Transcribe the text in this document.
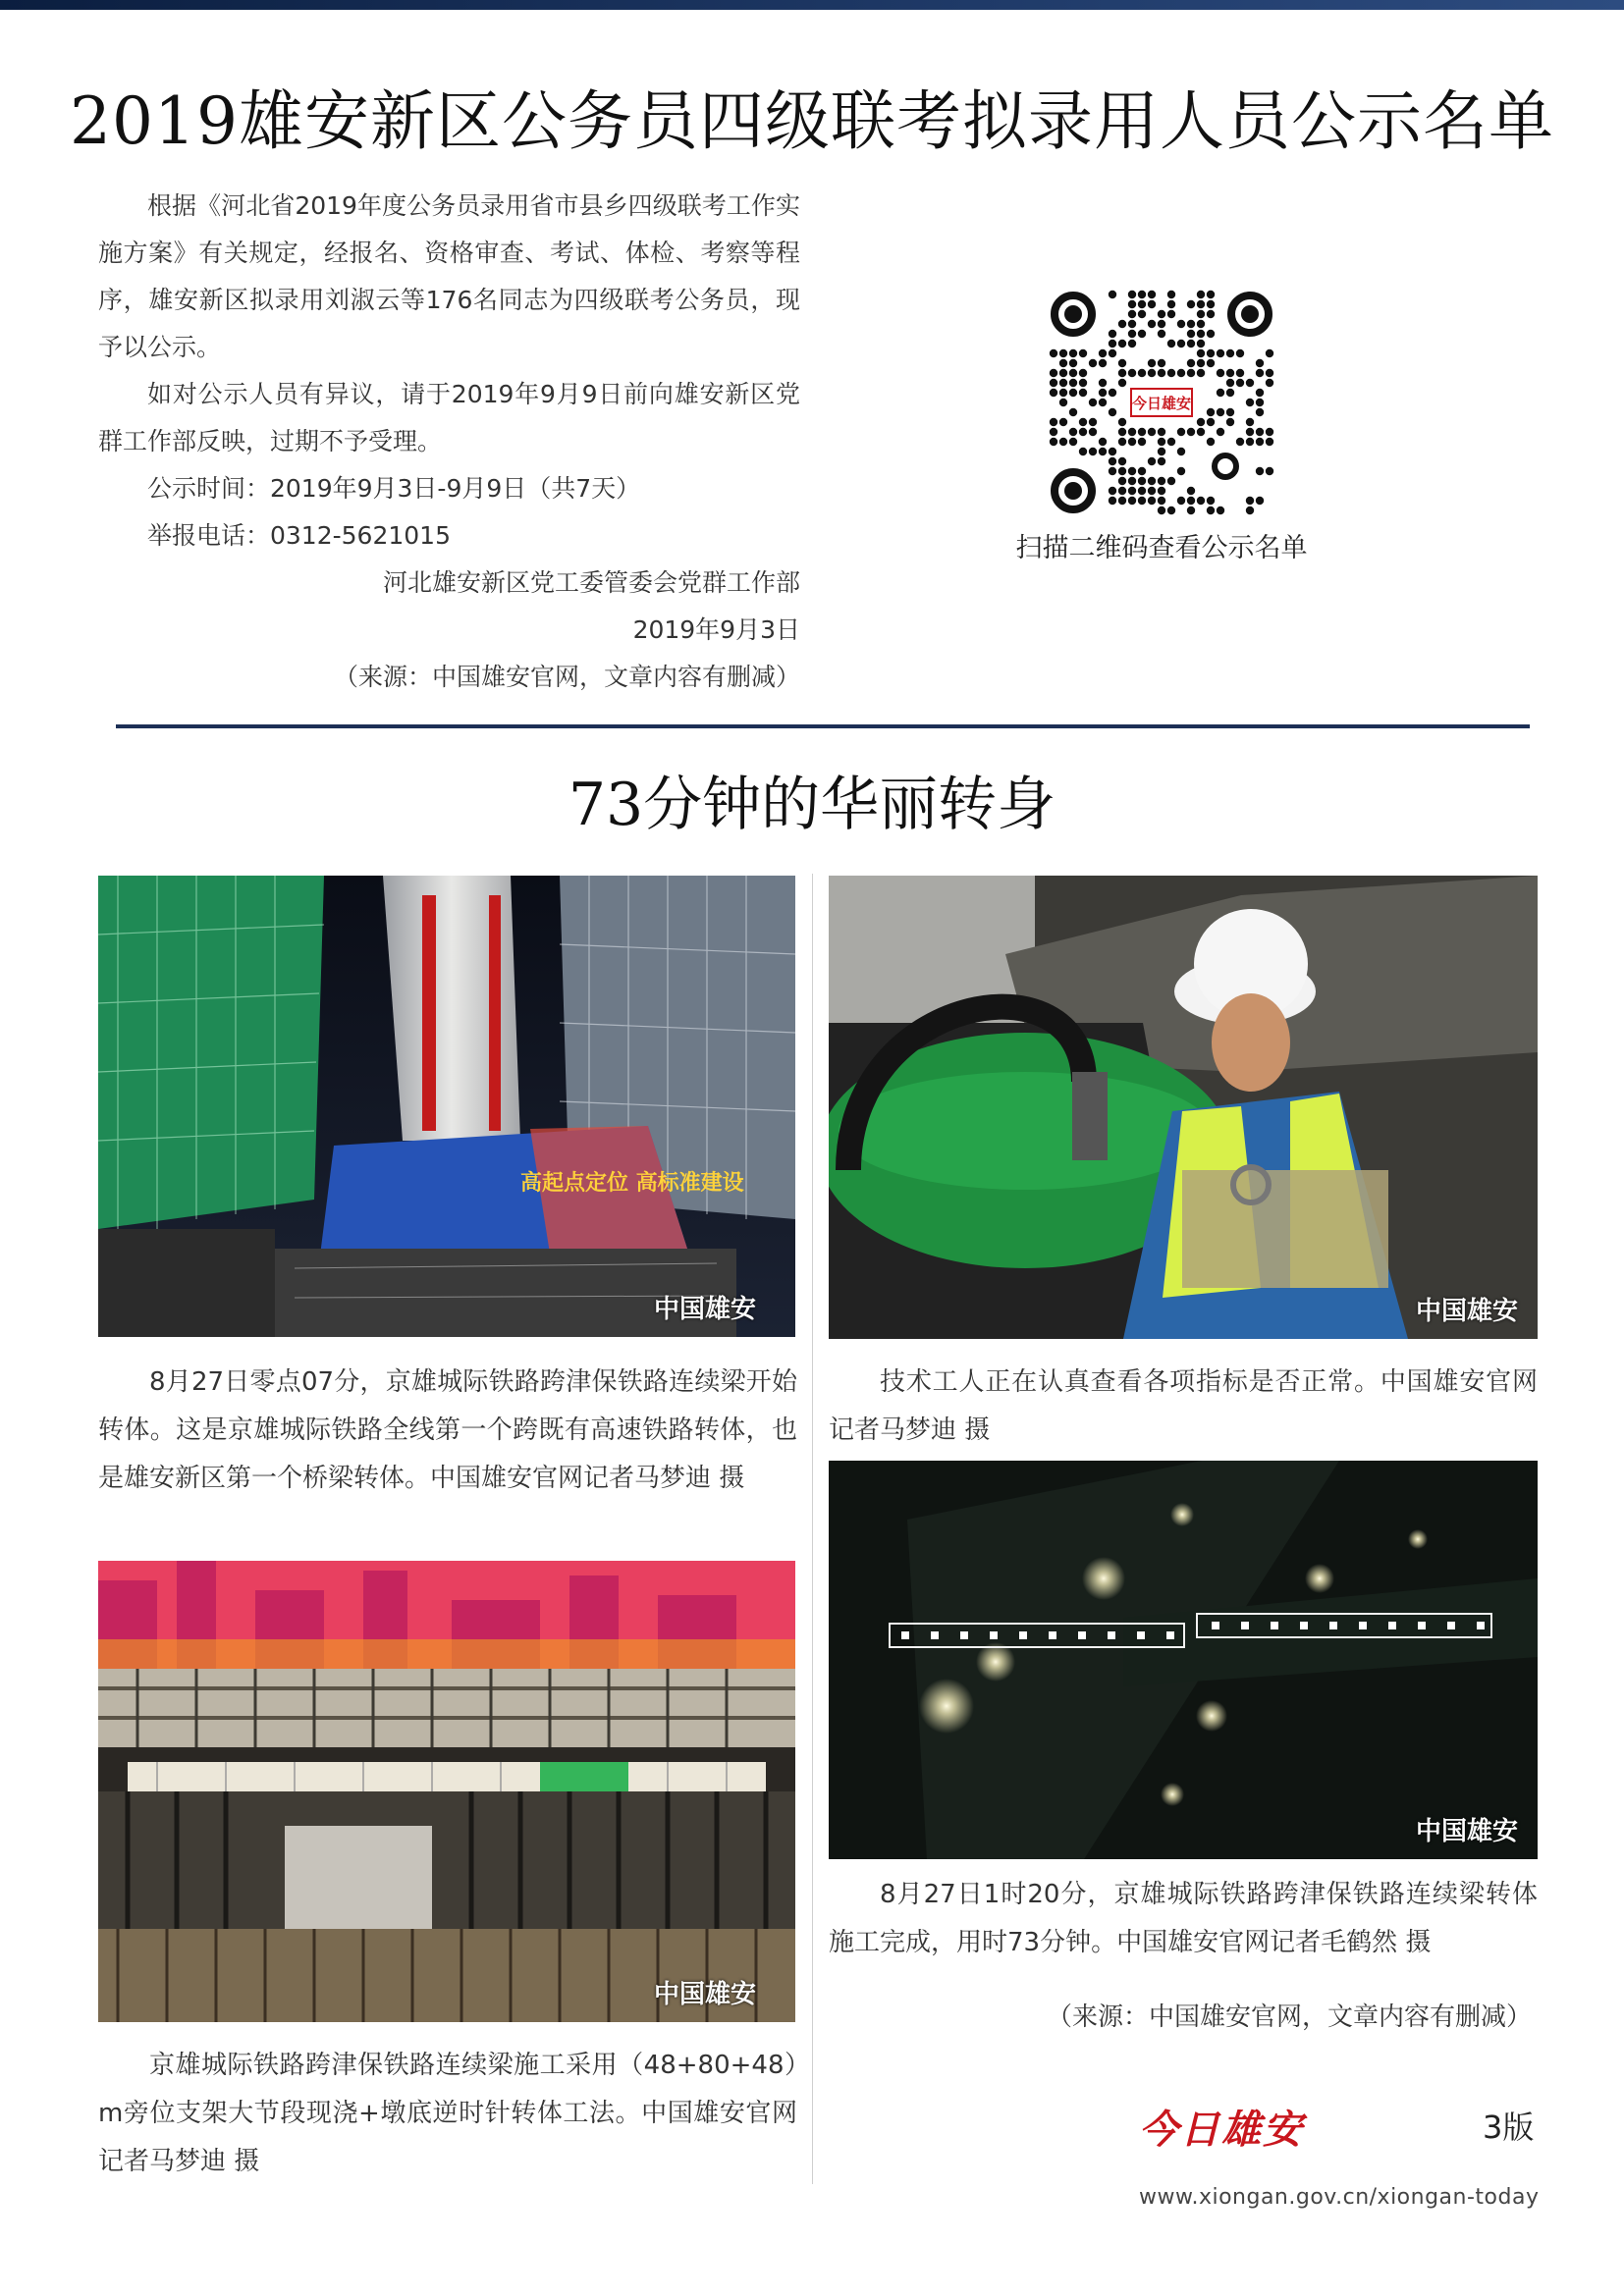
2019雄安新区公务员四级联考拟录用人员公示名单

根据《河北省2019年度公务员录用省市县乡四级联考工作实施方案》有关规定，经报名、资格审查、考试、体检、考察等程序，雄安新区拟录用刘淑云等176名同志为四级联考公务员，现予以公示。

如对公示人员有异议，请于2019年9月9日前向雄安新区党群工作部反映，过期不予受理。

公示时间：2019年9月3日-9月9日（共7天）
举报电话：0312-5621015
河北雄安新区党工委管委会党群工作部
2019年9月3日
（来源：中国雄安官网，文章内容有删减）
今日雄安
扫描二维码查看公示名单
73分钟的华丽转身
高起点定位 高标准建设
中国雄安
8月27日零点07分，京雄城际铁路跨津保铁路连续梁开始转体。这是京雄城际铁路全线第一个跨既有高速铁路转体，也是雄安新区第一个桥梁转体。中国雄安官网记者马梦迪 摄
中国雄安
技术工人正在认真查看各项指标是否正常。中国雄安官网记者马梦迪 摄
中国雄安
京雄城际铁路跨津保铁路连续梁施工采用（48+80+48）m旁位支架大节段现浇+墩底逆时针转体工法。中国雄安官网记者马梦迪 摄
中国雄安
8月27日1时20分，京雄城际铁路跨津保铁路连续梁转体施工完成，用时73分钟。中国雄安官网记者毛鹤然 摄
（来源：中国雄安官网，文章内容有删减）
今日雄安	3版
www.xiongan.gov.cn/xiongan-today
